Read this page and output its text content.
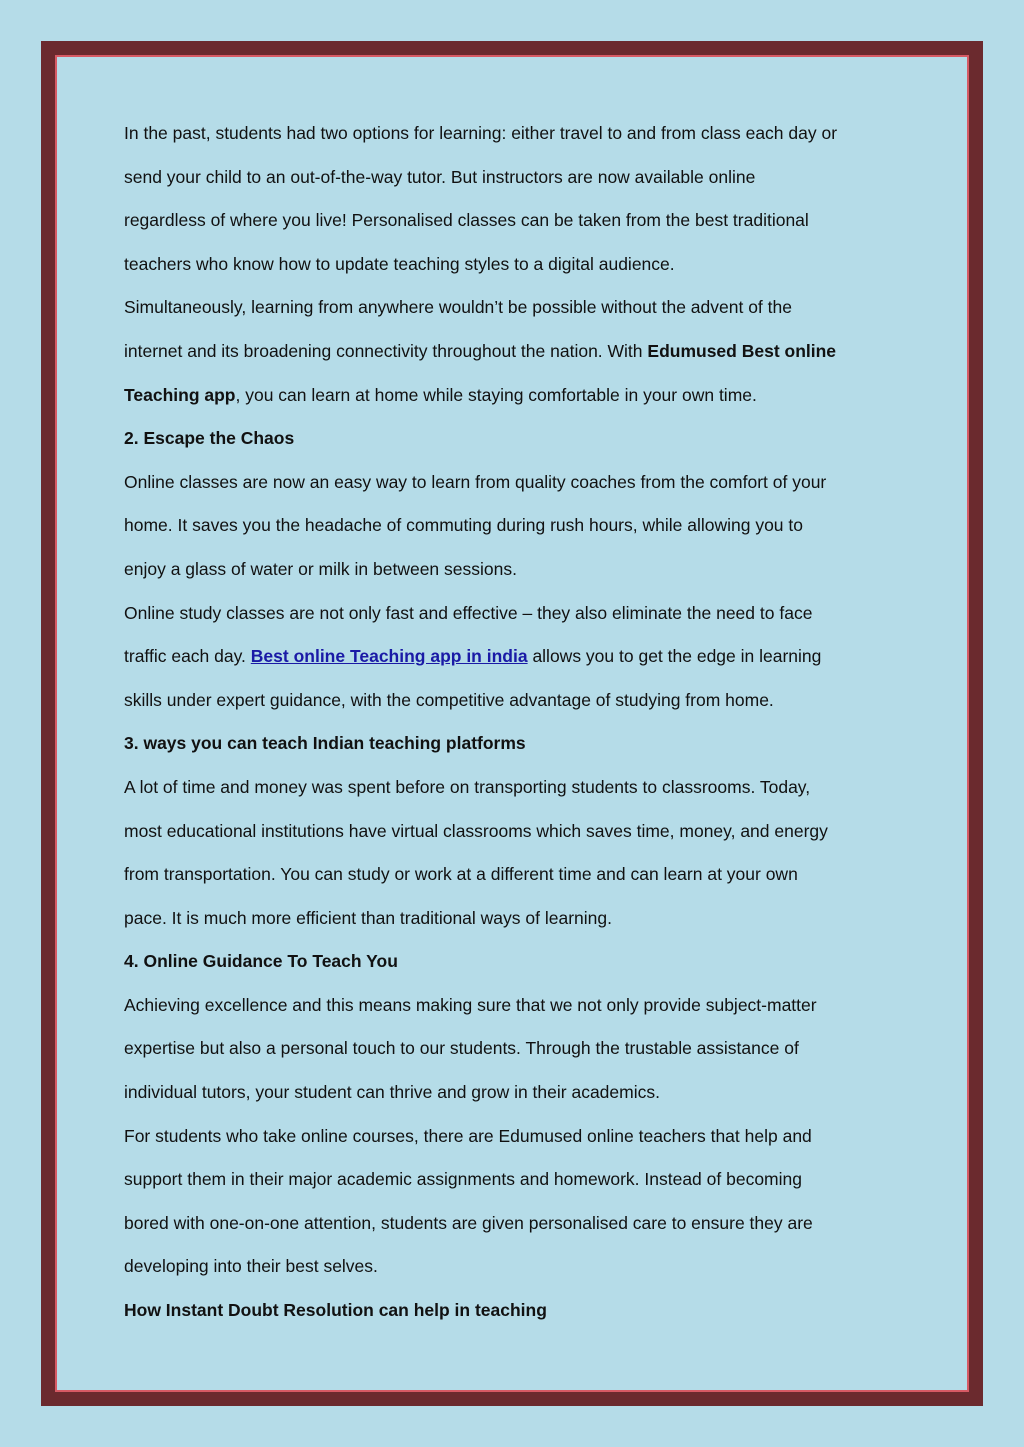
In the past, students had two options for learning: either travel to and from class each day or
send your child to an out-of-the-way tutor. But instructors are now available online
regardless of where you live! Personalised classes can be taken from the best traditional
teachers who know how to update teaching styles to a digital audience.
Simultaneously, learning from anywhere wouldn’t be possible without the advent of the
internet and its broadening connectivity throughout the nation. With Edumused Best online
Teaching app, you can learn at home while staying comfortable in your own time.
2. Escape the Chaos
Online classes are now an easy way to learn from quality coaches from the comfort of your
home. It saves you the headache of commuting during rush hours, while allowing you to
enjoy a glass of water or milk in between sessions.
Online study classes are not only fast and effective – they also eliminate the need to face
traffic each day. Best online Teaching app in india allows you to get the edge in learning
skills under expert guidance, with the competitive advantage of studying from home.
3. ways you can teach Indian teaching platforms
A lot of time and money was spent before on transporting students to classrooms. Today,
most educational institutions have virtual classrooms which saves time, money, and energy
from transportation. You can study or work at a different time and can learn at your own
pace. It is much more efficient than traditional ways of learning.
4. Online Guidance To Teach You
Achieving excellence and this means making sure that we not only provide subject-matter
expertise but also a personal touch to our students. Through the trustable assistance of
individual tutors, your student can thrive and grow in their academics.
For students who take online courses, there are Edumused online teachers that help and
support them in their major academic assignments and homework. Instead of becoming
bored with one-on-one attention, students are given personalised care to ensure they are
developing into their best selves.
How Instant Doubt Resolution can help in teaching
